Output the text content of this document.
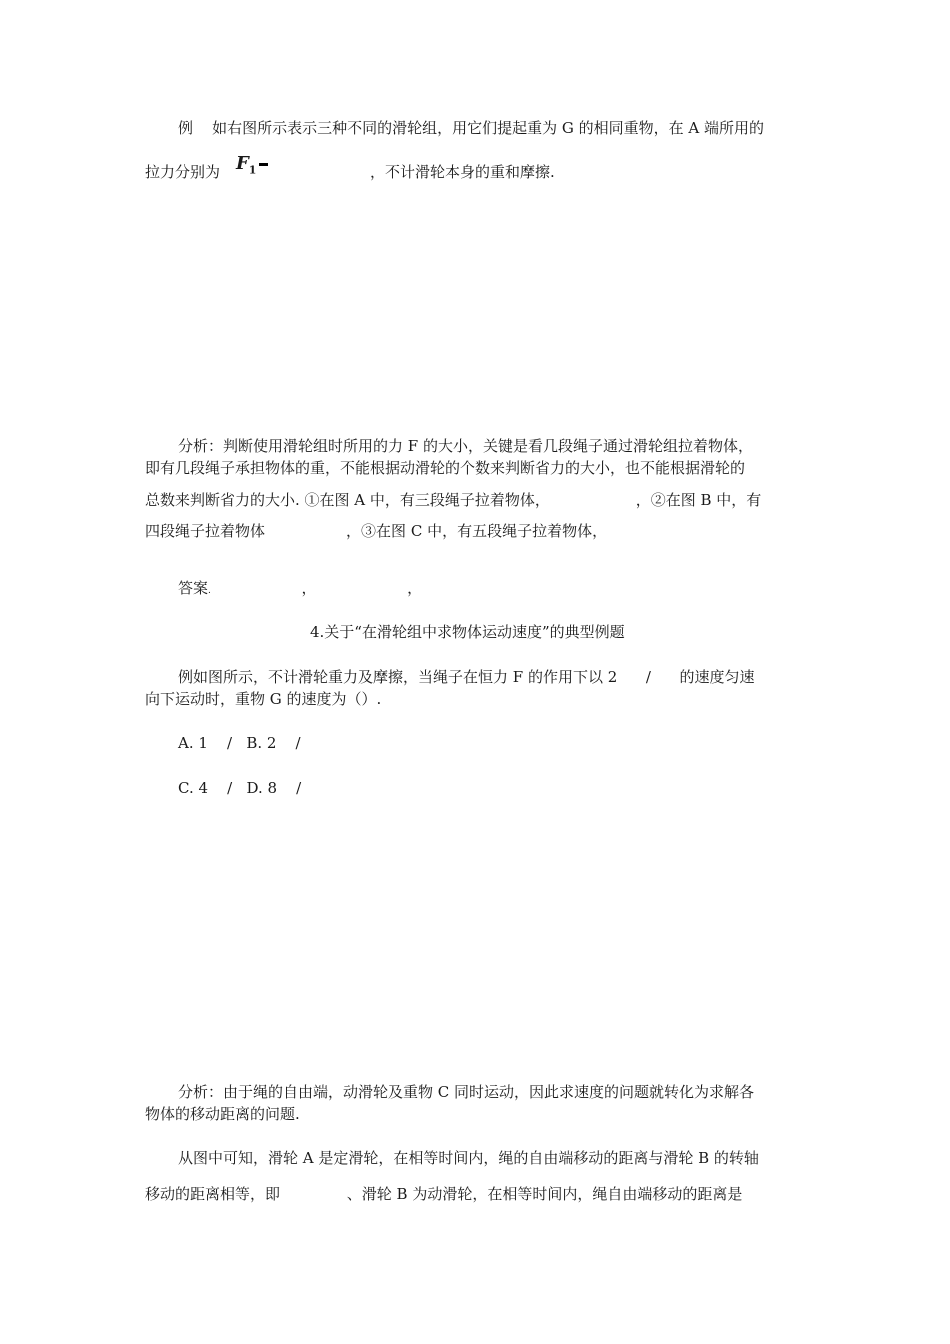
例    如右图所示表示三种不同的滑轮组，用它们提起重为 G 的相同重物，在 A 端所用的
拉力分别为 $F_1$	，不计滑轮本身的重和摩擦.
分析：判断使用滑轮组时所用的力 F 的大小，关键是看几段绳子通过滑轮组拉着物体，
即有几段绳子承担物体的重，不能根据动滑轮的个数来判断省力的大小，也不能根据滑轮的
总数来判断省力的大小. ①在图 A 中，有三段绳子拉着物体，                  ，②在图 B 中，有
四段绳子拉着物体                 ，③在图 C 中，有五段绳子拉着物体，
答案.                   ，                   ，
4.关于“在滑轮组中求物体运动速度”的典型例题
例如图所示，不计滑轮重力及摩擦，当绳子在恒力 F 的作用下以 2      /      的速度匀速
向下运动时，重物 G 的速度为（）.
A. 1    /   B. 2    /
C. 4    /   D. 8    /
分析：由于绳的自由端，动滑轮及重物 C 同时运动，因此求速度的问题就转化为求解各
物体的移动距离的问题.
从图中可知，滑轮 A 是定滑轮，在相等时间内，绳的自由端移动的距离与滑轮 B 的转轴
移动的距离相等，即              、滑轮 B 为动滑轮，在相等时间内，绳自由端移动的距离是
